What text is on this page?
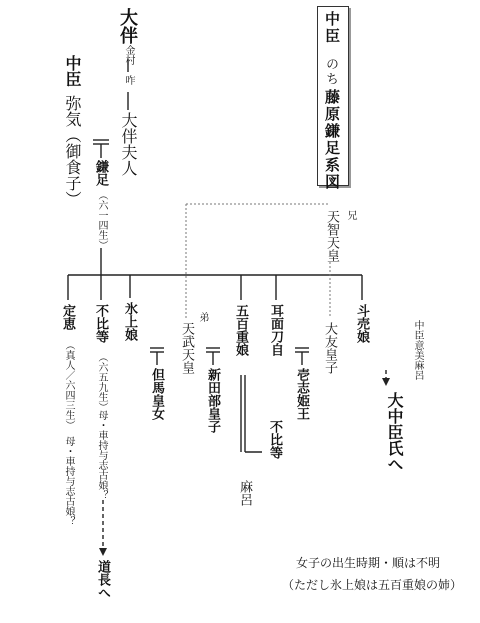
中臣
のち
藤原鎌足系図
大伴
金村
咋
大伴夫人
中臣
弥気（御食子） 鎌足
（六一四生）	兄
天智天皇
定恵
（真人／六四三生）
母・車持与志古娘？
不比等
（六五九生）
母・車持与志古娘？
道長へ
氷上娘
但馬皇女
弟
天武天皇
新田部皇子
五百重娘
不比等
麻呂
耳面刀自	大友皇子
壱志姫王
斗売娘	中臣意美麻呂
大中臣氏へ
女子の出生時期・順は不明
（ただし氷上娘は五百重娘の姉）
